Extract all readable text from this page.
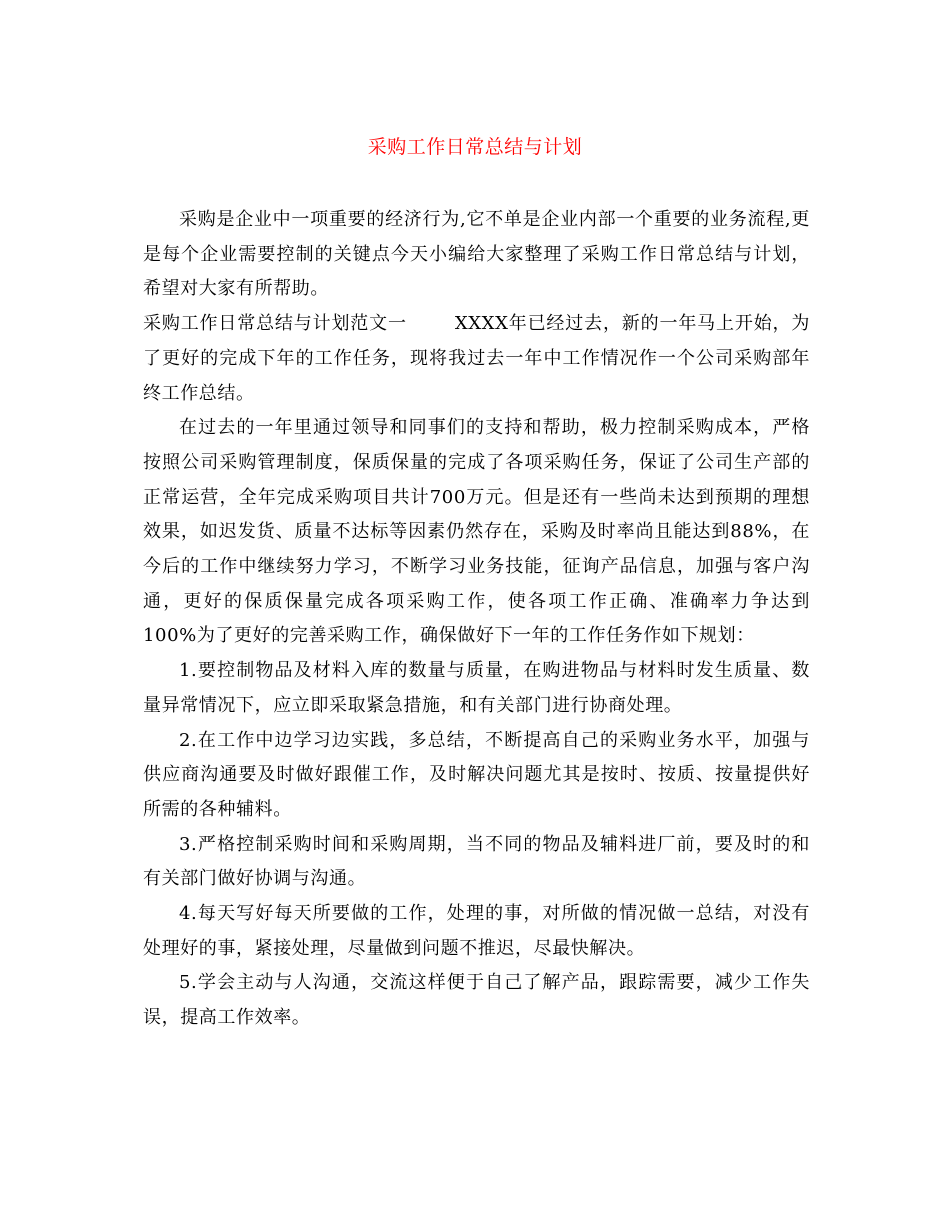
采购工作日常总结与计划

采购是企业中一项重要的经济行为,它不单是企业内部一个重要的业务流程,更是每个企业需要控制的关键点今天小编给大家整理了采购工作日常总结与计划，希望对大家有所帮助。

采购工作日常总结与计划范文一	XXXX年已经过去，新的一年马上开始，为了更好的完成下年的工作任务，现将我过去一年中工作情况作一个公司采购部年终工作总结。

在过去的一年里通过领导和同事们的支持和帮助，极力控制采购成本，严格按照公司采购管理制度，保质保量的完成了各项采购任务，保证了公司生产部的正常运营，全年完成采购项目共计700万元。但是还有一些尚未达到预期的理想效果，如迟发货、质量不达标等因素仍然存在，采购及时率尚且能达到88%，在今后的工作中继续努力学习，不断学习业务技能，征询产品信息，加强与客户沟通，更好的保质保量完成各项采购工作，使各项工作正确、准确率力争达到100%为了更好的完善采购工作，确保做好下一年的工作任务作如下规划：

1.要控制物品及材料入库的数量与质量，在购进物品与材料时发生质量、数量异常情况下，应立即采取紧急措施，和有关部门进行协商处理。

2.在工作中边学习边实践，多总结，不断提高自己的采购业务水平，加强与供应商沟通要及时做好跟催工作，及时解决问题尤其是按时、按质、按量提供好所需的各种辅料。

3.严格控制采购时间和采购周期，当不同的物品及辅料进厂前，要及时的和有关部门做好协调与沟通。

4.每天写好每天所要做的工作，处理的事，对所做的情况做一总结，对没有处理好的事，紧接处理，尽量做到问题不推迟，尽最快解决。

5.学会主动与人沟通，交流这样便于自己了解产品，跟踪需要，减少工作失误，提高工作效率。
